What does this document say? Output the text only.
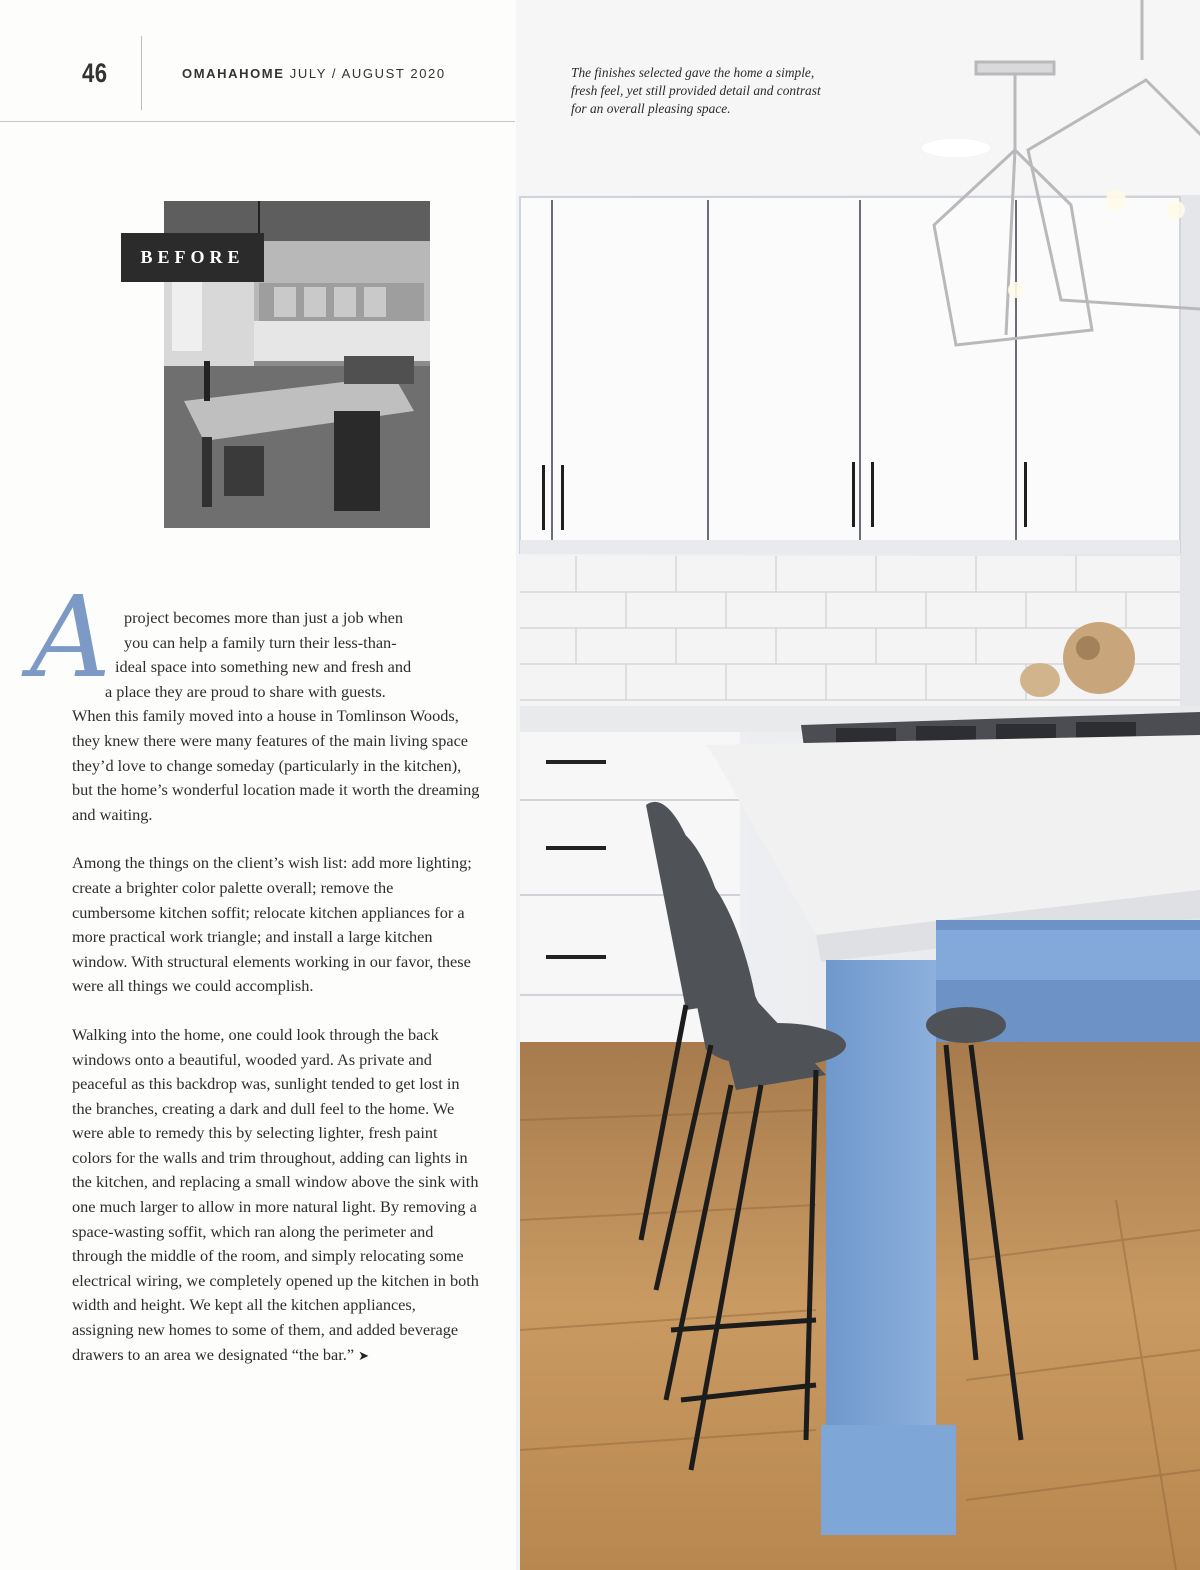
46	OMAHAHOME JULY / AUGUST 2020
BEFORE
A project becomes more than just a job when
you can help a family turn their less-than-
ideal space into something new and fresh and
a place they are proud to share with guests.
When this family moved into a house in Tomlinson Woods, they knew there were many features of the main living space they’d love to change someday (particularly in the kitchen), but the home’s wonderful location made it worth the dreaming and waiting.

Among the things on the client’s wish list: add more lighting; create a brighter color palette overall; remove the cumbersome kitchen soffit; relocate kitchen appliances for a more practical work triangle; and install a large kitchen window. With structural elements working in our favor, these were all things we could accomplish.

Walking into the home, one could look through the back windows onto a beautiful, wooded yard. As private and peaceful as this backdrop was, sunlight tended to get lost in the branches, creating a dark and dull feel to the home. We were able to remedy this by selecting lighter, fresh paint colors for the walls and trim throughout, adding can lights in the kitchen, and replacing a small window above the sink with one much larger to allow in more natural light. By removing a space-wasting soffit, which ran along the perimeter and through the middle of the room, and simply relocating some electrical wiring, we completely opened up the kitchen in both width and height. We kept all the kitchen appliances, assigning new homes to some of them, and added beverage drawers to an area we designated “the bar.” ➤

The finishes selected gave the home a simple, fresh feel, yet still provided detail and contrast for an overall pleasing space.
